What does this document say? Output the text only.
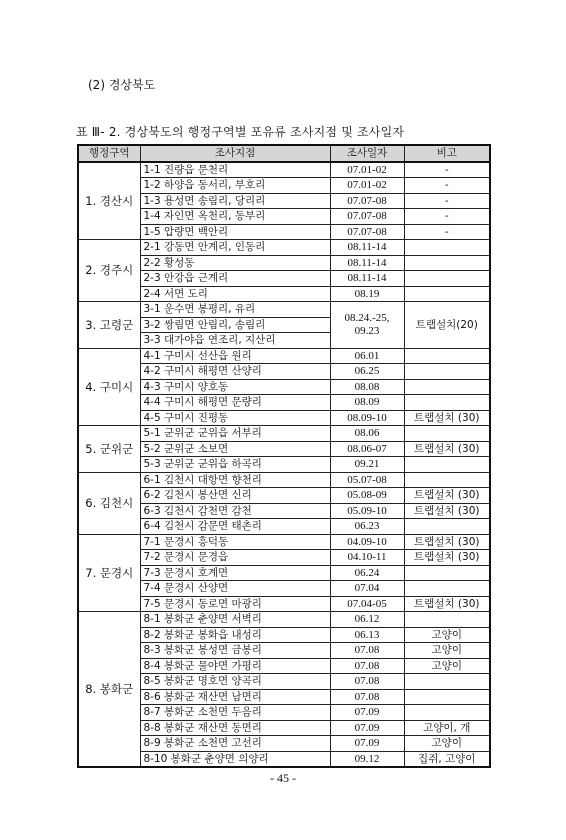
(2) 경상북도
표 Ⅲ- 2. 경상북도의 행정구역별 포유류 조사지점 및 조사일자
행정구역	조사지점	조사일자	비고
1. 경산시	1-1 진량읍 문천리	07.01-02	-
	1-2 하양읍 동서리, 부호리	07.01-02	-
	1-3 용성면 송림리, 당리리	07.07-08	-
	1-4 자인면 옥천리, 동부리	07.07-08	-
	1-5 압량면 백안리	07.07-08	-
2. 경주시	2-1 강동면 안계리, 인동리	08.11-14	
	2-2 황성동	08.11-14	
	2-3 안강읍 근계리	08.11-14	
	2-4 서면 도리	08.19	
3. 고령군	3-1 운수면 봉평리, 유리	08.24.-25, 09.23	트랩설치(20)
	3-2 쌍림면 안림리, 송림리		
	3-3 대가야읍 연조리, 지산리		
4. 구미시	4-1 구미시 선산읍 원리	06.01	
	4-2 구미시 해평면 산양리	06.25	
	4-3 구미시 양호동	08.08	
	4-4 구미시 해평면 문량리	08.09	
	4-5 구미시 진평동	08.09-10	트랩설치 (30)
5. 군위군	5-1 군위군 군위읍 서부리	08.06	
	5-2 군위군 소보면	08.06-07	트랩설치 (30)
	5-3 군위군 군위읍 하곡리	09.21	
6. 김천시	6-1 김천시 대항면 향천리	05.07-08	
	6-2 김천시 봉산면 신리	05.08-09	트랩설치 (30)
	6-3 김천시 감천면 감천	05.09-10	트랩설치 (30)
	6-4 김천시 감문면 태촌리	06.23	
7. 문경시	7-1 문경시 흥덕동	04.09-10	트랩설치 (30)
	7-2 문경시 문경읍	04.10-11	트랩설치 (30)
	7-3 문경시 호계면	06.24	
	7-4 문경시 산양면	07.04	
	7-5 문경시 동로면 마광리	07.04-05	트랩설치 (30)
8. 봉화군	8-1 봉화군 춘양면 서벽리	06.12	
	8-2 봉화군 봉화읍 내성리	06.13	고양이
	8-3 봉화군 봉성면 금봉리	07.08	고양이
	8-4 봉화군 물야면 가평리	07.08	고양이
	8-5 봉화군 명호면 양곡리	07.08	
	8-6 봉화군 재산면 남면리	07.08	
	8-7 봉화군 소천면 두음리	07.09	
	8-8 봉화군 재산면 동면리	07.09	고양이, 개
	8-9 봉화군 소천면 고선리	07.09	고양이
	8-10 봉화군 춘양면 의양리	09.12	집쥐, 고양이
- 45 -
